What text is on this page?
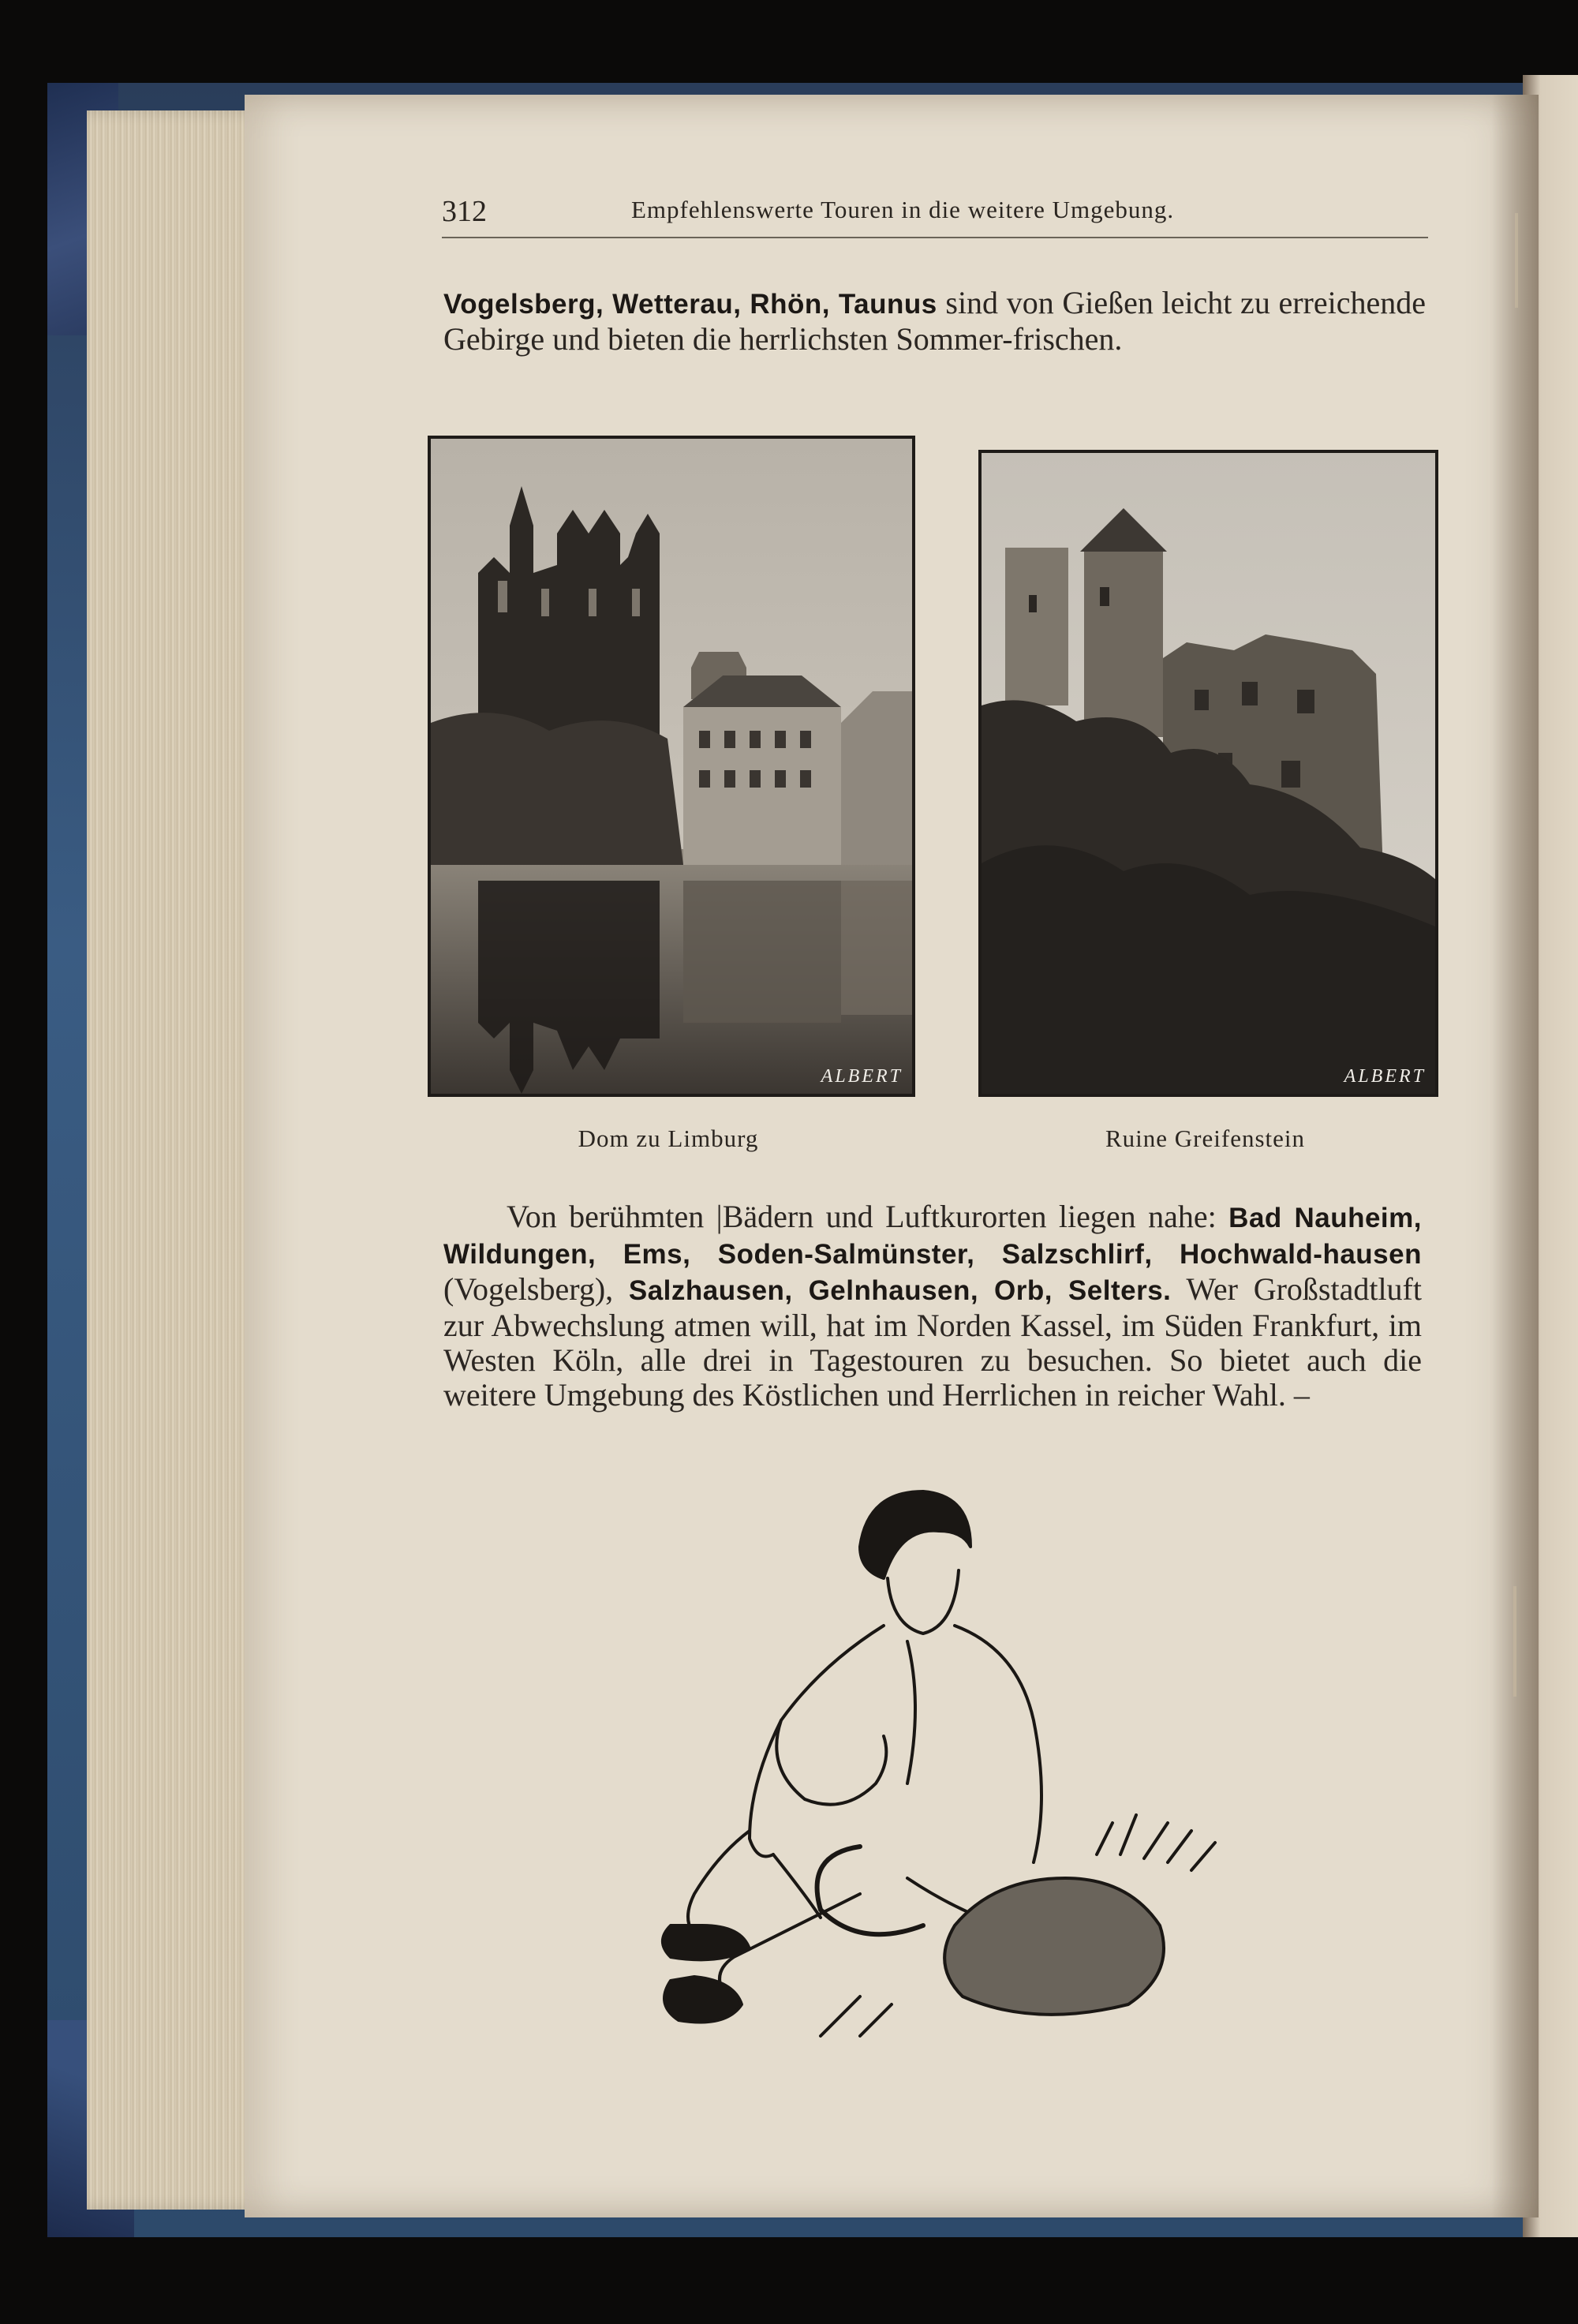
312	Empfehlenswerte Touren in die weitere Umgebung.
Vogelsberg, Wetterau, Rhön, Taunus sind von Gießen leicht zu erreichende Gebirge und bieten die herrlichsten Sommer-frischen.
ALBERT	ALBERT
Dom zu Limburg	Ruine Greifenstein
Von berühmten |Bädern und Luftkurorten liegen nahe: Bad Nauheim, Wildungen, Ems, Soden-Salmünster, Salzschlirf, Hochwald-hausen (Vogelsberg), Salzhausen, Gelnhausen, Orb, Selters. Wer Großstadtluft zur Abwechslung atmen will, hat im Norden Kassel, im Süden Frankfurt, im Westen Köln, alle drei in Tagestouren zu besuchen. So bietet auch die weitere Umgebung des Köstlichen und Herrlichen in reicher Wahl. –
